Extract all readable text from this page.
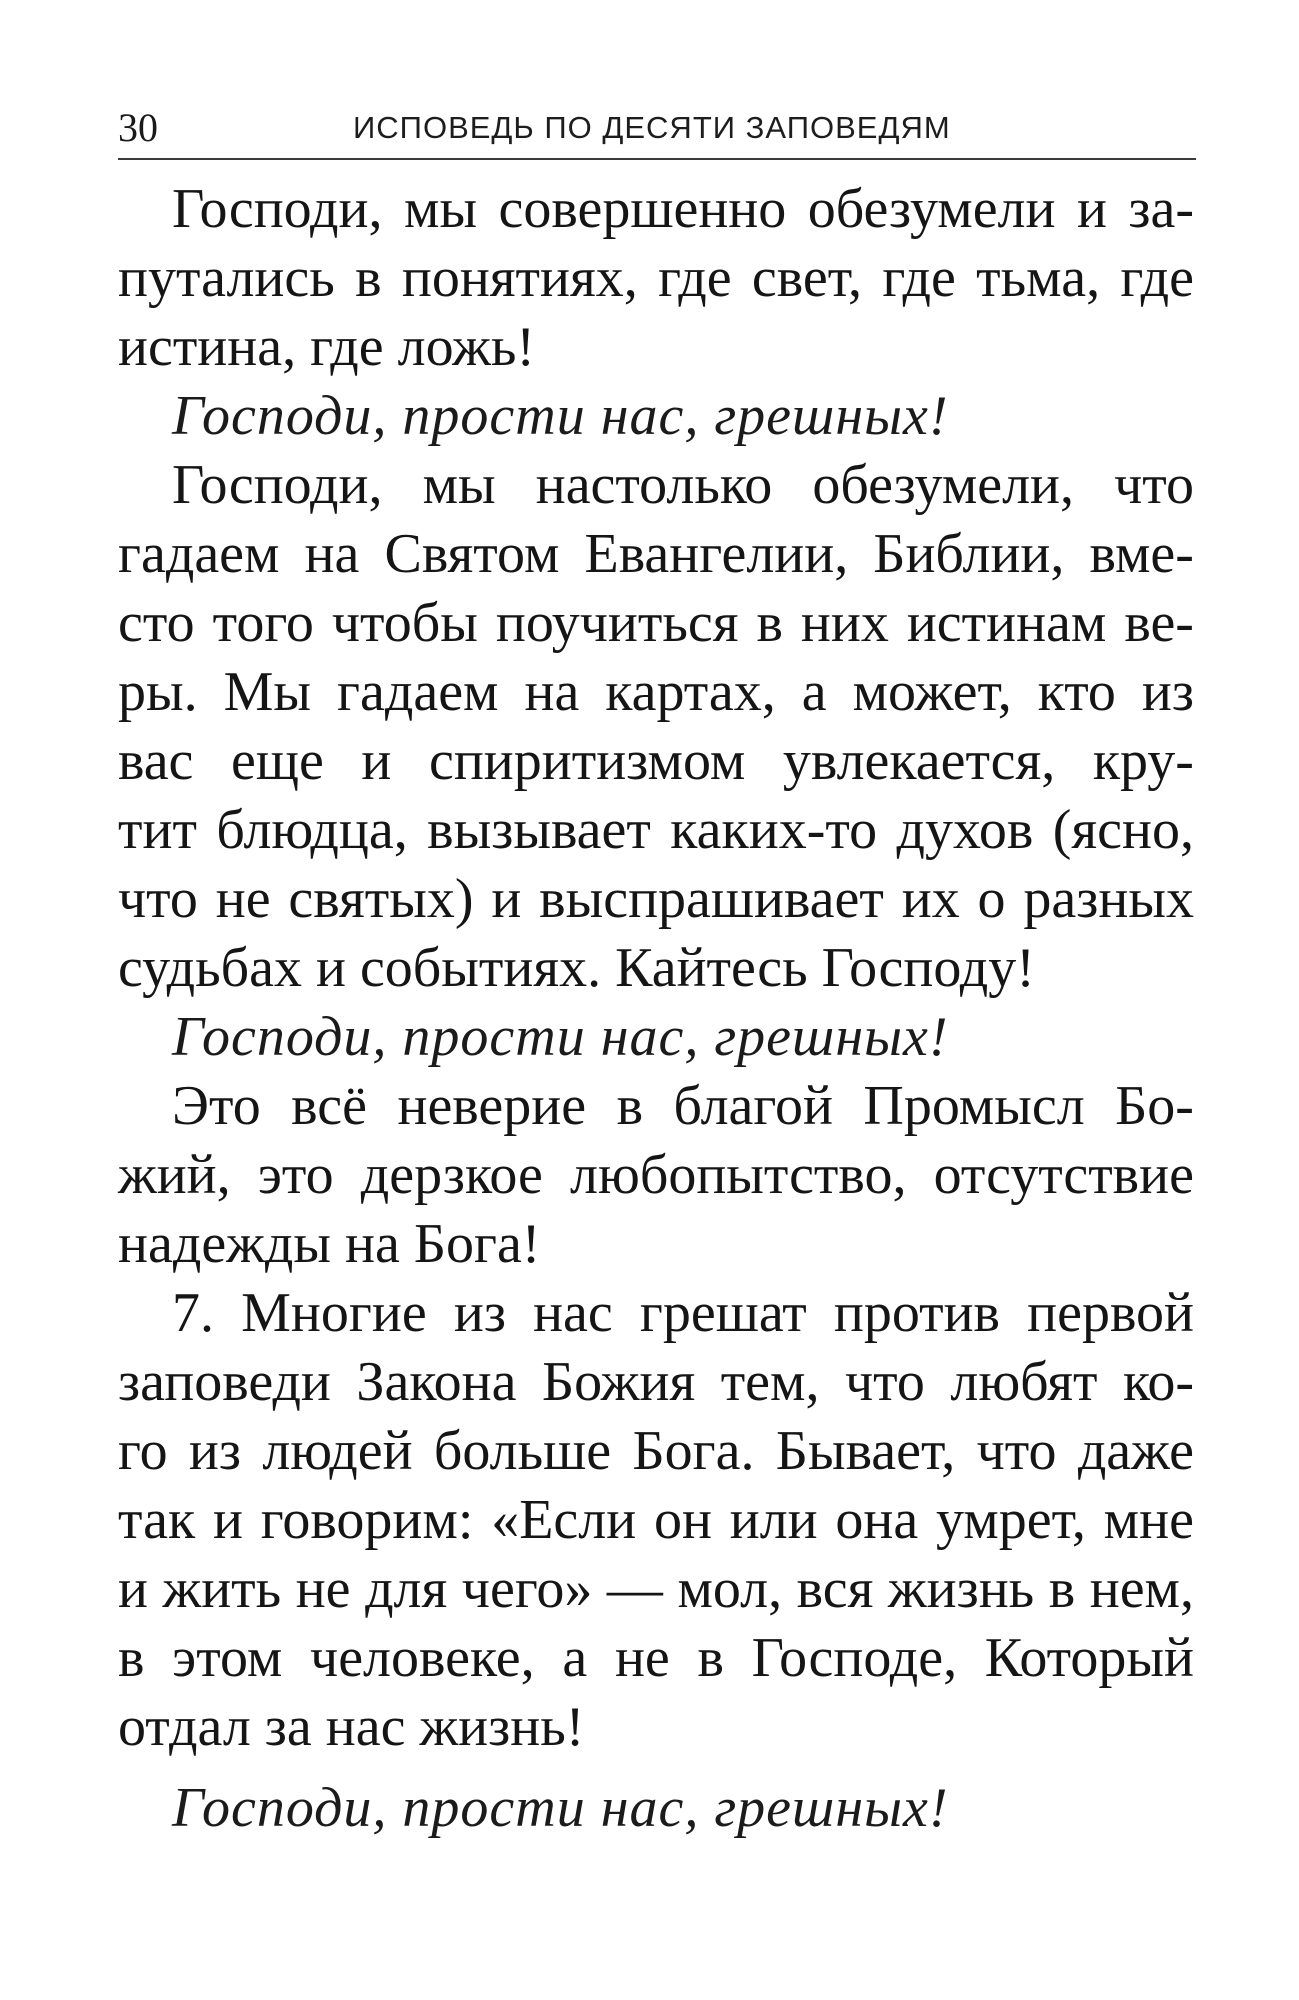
30	ИСПОВЕДЬ ПО ДЕСЯТИ ЗАПОВЕДЯМ
Господи, мы совершенно обезумели и за-
путались в понятиях, где свет, где тьма, где
истина, где ложь!
Господи, прости нас, грешных!
Господи, мы настолько обезумели, что
гадаем на Святом Евангелии, Библии, вме-
сто того чтобы поучиться в них истинам ве-
ры. Мы гадаем на картах, а может, кто из
вас еще и спиритизмом увлекается, кру-
тит блюдца, вызывает каких-то духов (ясно,
что не святых) и выспрашивает их о разных
судьбах и событиях. Кайтесь Господу!
Господи, прости нас, грешных!
Это всё неверие в благой Промысл Бо-
жий, это дерзкое любопытство, отсутствие
надежды на Бога!
7. Многие из нас грешат против первой
заповеди Закона Божия тем, что любят ко-
го из людей больше Бога. Бывает, что даже
так и говорим: «Если он или она умрет, мне
и жить не для чего» — мол, вся жизнь в нем,
в этом человеке, а не в Господе, Который
отдал за нас жизнь!
Господи, прости нас, грешных!
